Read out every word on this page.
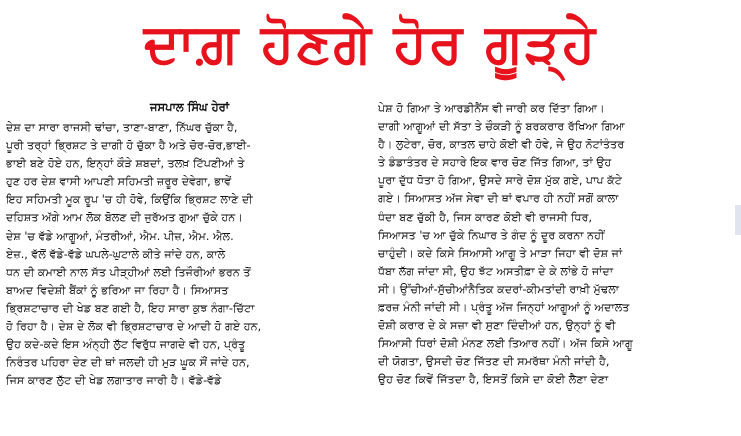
ਦਾਗ਼ ਹੋਣਗੇ ਹੋਰ ਗੂੜ੍ਹੇ
ਜਸਪਾਲ ਸਿੰਘ ਹੇਰਾਂ
ਦੇਸ਼ ਦਾ ਸਾਰਾ ਰਾਜਸੀ ਢਾਂਚਾ, ਤਾਣਾ-ਬਾਣਾ, ਨਿੱਘਰ ਚੁੱਕਾ ਹੈ,
ਪੂਰੀ ਤਰ੍ਹਾਂ ਭ੍ਰਿਸ਼ਟ ਤੇ ਦਾਗੀ ਹੋ ਚੁੱਕਾ ਹੈ ਅਤੇ ਚੋਰ-ਚੋਰ,ਭਾਈ-
ਭਾਈ ਬਣੇ ਹੋਏ ਹਨ, ਇਨ੍ਹਾਂ ਕੌੜੇ ਸ਼ਬਦਾਂ, ਤਲਖ਼ ਟਿੱਪਣੀਆਂ ਤੇ
ਹੁਣ ਹਰ ਦੇਸ਼ ਵਾਸੀ ਆਪਣੀ ਸਹਿਮਤੀ ਜ਼ਰੂਰ ਦੇਵੇਗਾ, ਭਾਵੇਂ
ਇਹ ਸਹਿਮਤੀ ਮੂਕ ਰੂਪ 'ਚ ਹੀ ਹੋਵੇ, ਕਿਉਂਕਿ ਭ੍ਰਿਸ਼ਟ ਲਾਣੇ ਦੀ
ਦਹਿਸ਼ਤ ਅੱਗੇ ਆਮ ਲੋਕ ਬੋਲਣ ਦੀ ਜੁਰੱਅਤ ਗੁਆ ਚੁੱਕੇ ਹਨ।
ਦੇਸ਼ 'ਚ ਵੱਡੇ ਆਗੂਆਂ, ਮੰਤਰੀਆਂ, ਐਮ. ਪੀਜ਼, ਐਮ. ਐਲ.
ਏਜ਼., ਵੱਲੋਂ ਵੱਡੇ-ਵੱਡੇ ਘਪਲੇ-ਘੁਟਾਲੇ ਕੀਤੇ ਜਾਂਦੇ ਹਨ, ਕਾਲੇ
ਧਨ ਦੀ ਕਮਾਈ ਨਾਲ ਸੱਤ ਪੀੜ੍ਹੀਆਂ ਲਈ ਤਿਜੌਰੀਆਂ ਭਰਨ ਤੋਂ
ਬਾਅਦ ਵਿਦੇਸ਼ੀ ਬੈਂਕਾਂ ਨੂੰ ਭਰਿਆ ਜਾ ਰਿਹਾ ਹੈ। ਸਿਆਸਤ
ਭ੍ਰਿਸ਼ਟਾਚਾਰ ਦੀ ਖੇਡ ਬਣ ਗਈ ਹੈ, ਇਹ ਸਾਰਾ ਕੁਝ ਨੰਗਾ-ਚਿੱਟਾ
ਹੋ ਰਿਹਾ ਹੈ। ਦੇਸ਼ ਦੇ ਲੋਕ ਵੀ ਭ੍ਰਿਸ਼ਟਾਚਾਰ ਦੇ ਆਦੀ ਹੋ ਗਏ ਹਨ,
ਉਹ ਕਦੇ-ਕਦੇ ਇਸ ਅੰਨ੍ਹੀ ਲੁੱਟ ਵਿਰੁੱਧ ਜਾਗਦੇ ਵੀ ਹਨ, ਪ੍ਰੰਤੂ
ਨਿਰੰਤਰ ਪਹਿਰਾ ਦੇਣ ਦੀ ਥਾਂ ਜਲਦੀ ਹੀ ਮੁੜ ਘੂਕ ਸੌਂ ਜਾਂਦੇ ਹਨ,
ਜਿਸ ਕਾਰਣ ਲੁੱਟ ਦੀ ਖੇਡ ਲਗਾਤਾਰ ਜਾਰੀ ਹੈ। ਵੱਡੇ-ਵੱਡੇ
ਪੇਸ਼ ਹੋ ਗਿਆ ਤੇ ਆਰਡੀਨੈਂਸ ਵੀ ਜਾਰੀ ਕਰ ਦਿੱਤਾ ਗਿਆ।
ਦਾਗੀ ਆਗੂਆਂ ਦੀ ਸੱਤਾ ਤੇ ਚੌਕੜੀ ਨੂੰ ਬਰਕਰਾਰ ਰੱਖਿਆ ਗਿਆ
ਹੈ। ਲੁਟੇਰਾ, ਚੋਰ, ਕਾਤਲ ਚਾਹੇ ਕੋਈ ਵੀ ਹੋਵੇ, ਜੇ ਉਹ ਨੋਟਾਂਤੰਤਰ
ਤੇ ਡੰਡਾਤੰਤਰ ਦੇ ਸਹਾਰੇ ਇਕ ਵਾਰ ਚੋਣ ਜਿੱਤ ਗਿਆ, ਤਾਂ ਉਹ
ਪੂਰਾ ਦੁੱਧ ਧੋਤਾ ਹੋ ਗਿਆ, ਉਸਦੇ ਸਾਰੇ ਦੋਸ਼ ਮੁੱਕ ਗਏ, ਪਾਪ ਕੱਟੇ
ਗਏ। ਸਿਆਸਤ ਅੱਜ ਸੇਵਾ ਦੀ ਥਾਂ ਵਪਾਰ ਹੀ ਨਹੀਂ ਸਗੋਂ ਕਾਲਾ
ਧੰਦਾ ਬਣ ਚੁੱਕੀ ਹੈ, ਜਿਸ ਕਾਰਣ ਕੋਈ ਵੀ ਰਾਜਸੀ ਧਿਰ,
ਸਿਆਸਤ 'ਚ ਆ ਚੁੱਕੇ ਨਿਘਾਰ ਤੇ ਗੰਦ ਨੂੰ ਦੂਰ ਕਰਨਾ ਨਹੀਂ
ਚਾਹੁੰਦੀ। ਕਦੇ ਕਿਸੇ ਸਿਆਸੀ ਆਗੂ ਤੇ ਮਾੜਾ ਜਿਹਾ ਵੀ ਦੋਸ਼ ਜਾਂ
ਧੱਬਾ ਲੱਗ ਜਾਂਦਾ ਸੀ, ਉਹ ਝੱਟ ਅਸਤੀਫ਼ਾ ਦੇ ਕੇ ਲਾਂਭੇ ਹੋ ਜਾਂਦਾ
ਸੀ। ਉੱਚੀਆਂ-ਸੁੱਚੀਆਂਨੈਤਿਕ ਕਦਰਾਂ-ਕੀਮਤਾਂਦੀ ਰਾਖ਼ੀ ਮੁੱਢਲਾ
ਫ਼ਰਜ਼ ਮੰਨੀ ਜਾਂਦੀ ਸੀ। ਪ੍ਰੰਤੂ ਅੱਜ ਜਿਨ੍ਹਾਂ ਆਗੂਆਂ ਨੂੰ ਅਦਾਲਤ
ਦੋਸ਼ੀ ਕਰਾਰ ਦੇ ਕੇ ਸਜ਼ਾ ਵੀ ਸੁਣਾ ਦਿੰਦੀਆਂ ਹਨ, ਉਨ੍ਹਾਂ ਨੂੰ ਵੀ
ਸਿਆਸੀ ਧਿਰਾਂ ਦੋਸ਼ੀ ਮੰਨਣ ਲਈ ਤਿਆਰ ਨਹੀਂ। ਅੱਜ ਕਿਸੇ ਆਗੂ
ਦੀ ਯੋਗਤਾ, ਉਸਦੀ ਚੋਣ ਜਿੱਤਣ ਦੀ ਸਮਰੱਥਾ ਮੰਨੀ ਜਾਂਦੀ ਹੈ,
ਉਹ ਚੋਣ ਕਿਵੇਂ ਜਿੱਤਦਾ ਹੈ, ਇਸਤੋਂ ਕਿਸੇ ਦਾ ਕੋਈ ਲੈਣਾ ਦੇਣਾ
